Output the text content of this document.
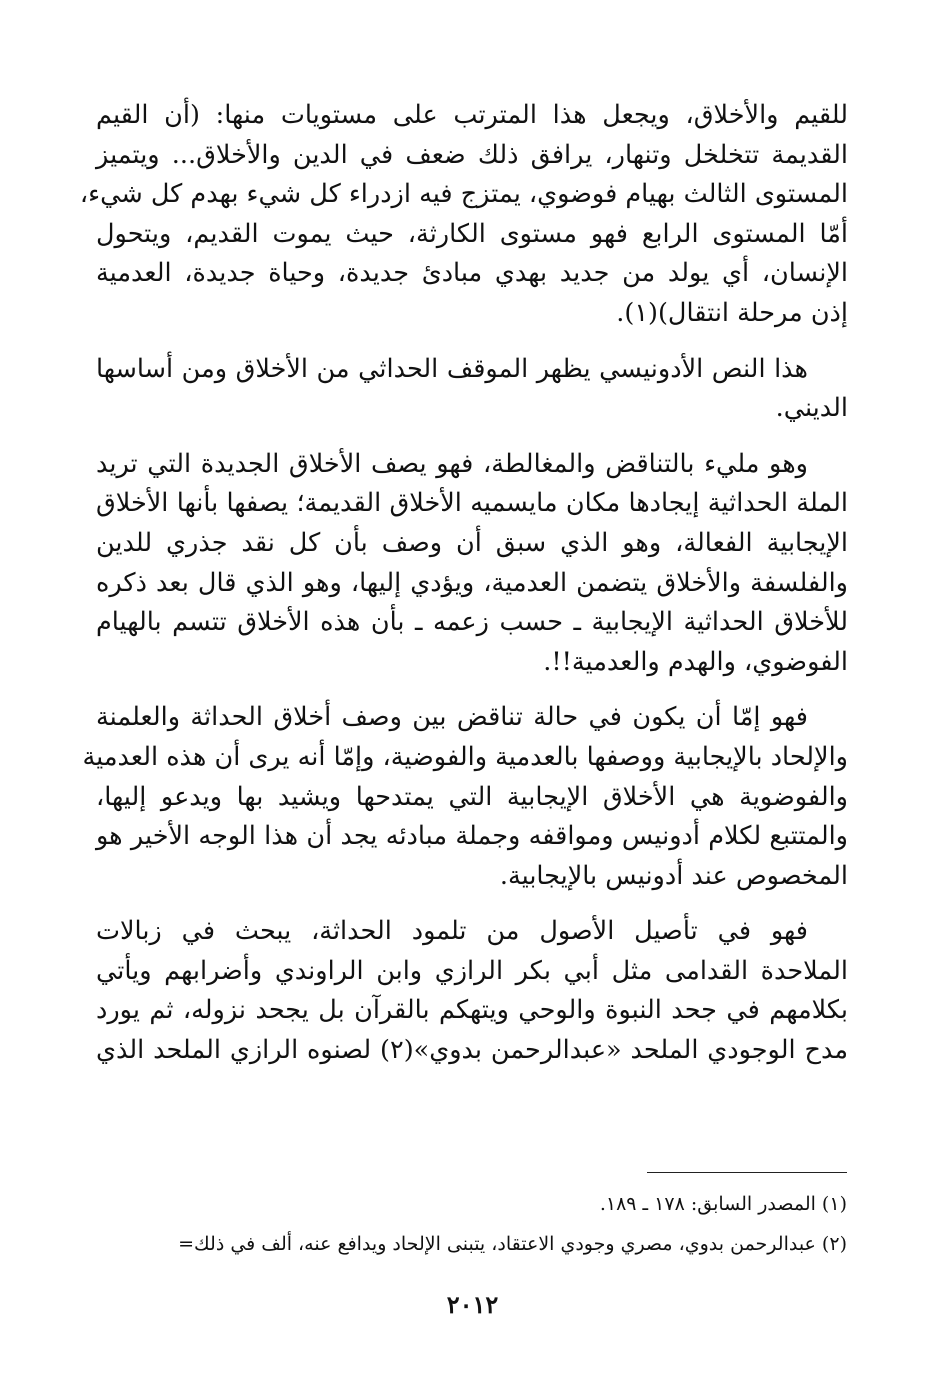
للقيم والأخلاق، ويجعل هذا المترتب على مستويات منها: (أن القيم
القديمة تتخلخل وتنهار، يرافق ذلك ضعف في الدين والأخلاق... ويتميز
المستوى الثالث بهيام فوضوي، يمتزج فيه ازدراء كل شيء بهدم كل شيء،
أمّا المستوى الرابع فهو مستوى الكارثة، حيث يموت القديم، ويتحول
الإنسان، أي يولد من جديد بهدي مبادئ جديدة، وحياة جديدة، العدمية
إذن مرحلة انتقال)(١).

هذا النص الأدونيسي يظهر الموقف الحداثي من الأخلاق ومن أساسها
الديني.

وهو مليء بالتناقض والمغالطة، فهو يصف الأخلاق الجديدة التي تريد
الملة الحداثية إيجادها مكان مايسميه الأخلاق القديمة؛ يصفها بأنها الأخلاق
الإيجابية الفعالة، وهو الذي سبق أن وصف بأن كل نقد جذري للدين
والفلسفة والأخلاق يتضمن العدمية، ويؤدي إليها، وهو الذي قال بعد ذكره
للأخلاق الحداثية الإيجابية ـ حسب زعمه ـ بأن هذه الأخلاق تتسم بالهيام
الفوضوي، والهدم والعدمية!!.

فهو إمّا أن يكون في حالة تناقض بين وصف أخلاق الحداثة والعلمنة
والإلحاد بالإيجابية ووصفها بالعدمية والفوضية، وإمّا أنه يرى أن هذه العدمية
والفوضوية هي الأخلاق الإيجابية التي يمتدحها ويشيد بها ويدعو إليها،
والمتتبع لكلام أدونيس ومواقفه وجملة مبادئه يجد أن هذا الوجه الأخير هو
المخصوص عند أدونيس بالإيجابية.

فهو في تأصيل الأصول من تلمود الحداثة، يبحث في زبالات
الملاحدة القدامى مثل أبي بكر الرازي وابن الراوندي وأضرابهم ويأتي
بكلامهم في جحد النبوة والوحي ويتهكم بالقرآن بل يجحد نزوله، ثم يورد
مدح الوجودي الملحد «عبدالرحمن بدوي»(٢) لصنوه الرازي الملحد الذي

(١) المصدر السابق: ١٧٨ ـ ١٨٩.
(٢) عبدالرحمن بدوي، مصري وجودي الاعتقاد، يتبنى الإلحاد ويدافع عنه، ألف في ذلك=
٢٠١٢
